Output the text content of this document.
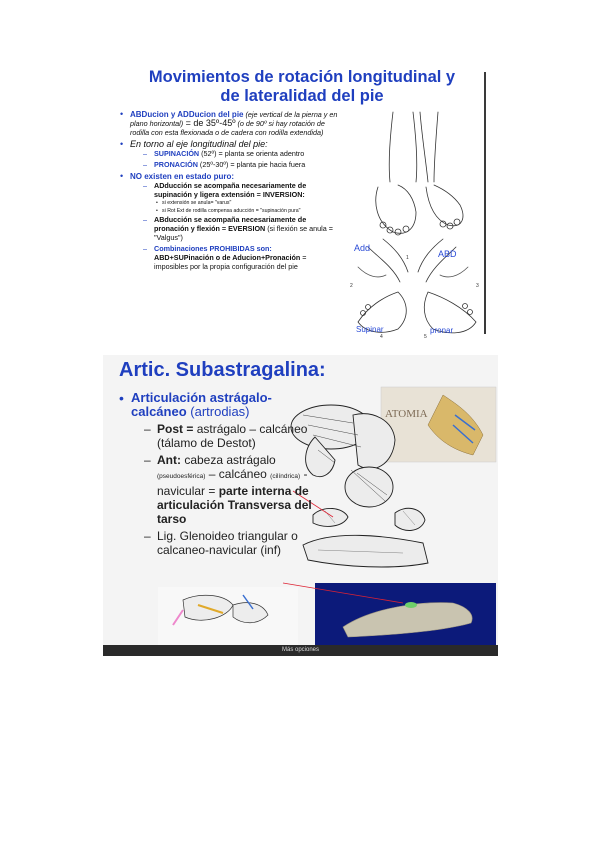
Movimientos de rotación longitudinal y
de lateralidad del pie
• ABDucion y ADDucion del pie (eje vertical de la pierna y en plano horizontal) = de 35º-45º (o de 90º si hay rotación de rodilla con esta flexionada o de cadera con rodilla extendida)
• En torno al eje longitudinal del pie:
– SUPINACIÓN (52º) = planta se orienta adentro
– PRONACIÓN (25º-30º) = planta pie hacia fuera
• NO existen en estado puro:
– ADducción se acompaña necesariamente de supinación y ligera extensión = INVERSION:
• si extensión se anula= "varus"
• si Rot Ext de rodilla compensa aducción = "supinación pura"
– ABducción se acompaña necesariamente de pronación y flexión = EVERSION (si flexión se anula = "Valgus")
– Combinaciones PROHIBIDAS son:
ABD+SUPinación o de Aducion+Pronación = imposibles por la propia configuración del pie
Add
ABD
Supinar	pronar
1
2	3
4	5
ATOMIA
Artic. Subastragalina:
• Articulación astrágalo-calcáneo (artrodias)
– Post = astrágalo – calcáneo (tálamo de Destot)
– Ant: cabeza astrágalo (pseudoesférica) – calcáneo (cilíndrica) - navicular = parte interna de articulación Transversa del tarso
– Lig. Glenoideo triangular o calcaneo-navicular (inf)
Más opciones
